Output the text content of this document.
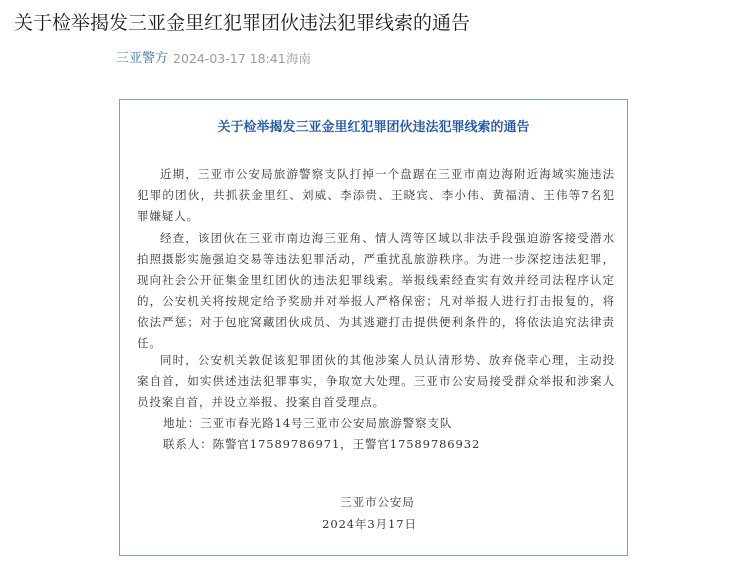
关于检举揭发三亚金里红犯罪团伙违法犯罪线索的通告
三亚警方 2024-03-17 18:41 海南
关于检举揭发三亚金里红犯罪团伙违法犯罪线索的通告

近期，三亚市公安局旅游警察支队打掉一个盘踞在三亚市南边海附近海域实施违法犯罪的团伙，共抓获金里红、刘威、李添贵、王晓宾、李小伟、黄福清、王伟等7名犯罪嫌疑人。

经查，该团伙在三亚市南边海三亚角、情人湾等区域以非法手段强迫游客接受潜水拍照摄影实施强迫交易等违法犯罪活动，严重扰乱旅游秩序。为进一步深挖违法犯罪，现向社会公开征集金里红团伙的违法犯罪线索。举报线索经查实有效并经司法程序认定的，公安机关将按规定给予奖励并对举报人严格保密；凡对举报人进行打击报复的，将依法严惩；对于包庇窝藏团伙成员、为其逃避打击提供便利条件的，将依法追究法律责任。

同时，公安机关敦促该犯罪团伙的其他涉案人员认清形势、放弃侥幸心理，主动投案自首，如实供述违法犯罪事实，争取宽大处理。三亚市公安局接受群众举报和涉案人员投案自首，并设立举报、投案自首受理点。

地址：三亚市春光路14号三亚市公安局旅游警察支队
联系人：陈警官17589786971，王警官17589786932
三亚市公安局
2024年3月17日
